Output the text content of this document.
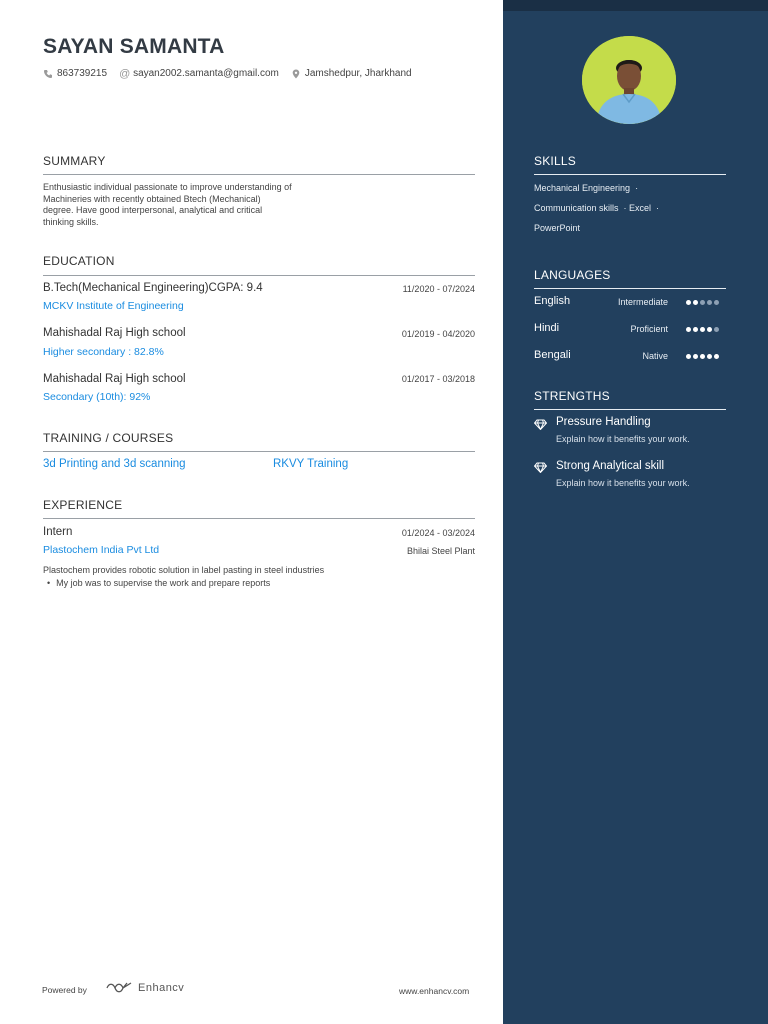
SAYAN SAMANTA
863739215 @ sayan2002.samanta@gmail.com	Jamshedpur, Jharkhand
SUMMARY
Enthusiastic individual passionate to improve understanding of Machineries with recently obtained Btech (Mechanical) degree. Have good interpersonal, analytical and critical thinking skills.
EDUCATION
B.Tech(Mechanical Engineering)CGPA: 9.4	11/2020 - 07/2024
MCKV Institute of Engineering
Mahishadal Raj High school	01/2019 - 04/2020
Higher secondary : 82.8%
Mahishadal Raj High school	01/2017 - 03/2018
Secondary (10th): 92%
TRAINING / COURSES
3d Printing and 3d scanning	RKVY Training
EXPERIENCE
Intern	01/2024 - 03/2024
Plastochem India Pvt Ltd	Bhilai Steel Plant
Plastochem provides robotic solution in label pasting in steel industries
• My job was to supervise the work and prepare reports
Powered by	Enhancv	www.enhancv.com
SKILLS
Mechanical Engineering  ·
Communication skills  · Excel  ·
PowerPoint
LANGUAGES
English	Intermediate
Hindi	Proficient
Bengali	Native
STRENGTHS
Pressure Handling
Explain how it benefits your work.
Strong Analytical skill
Explain how it benefits your work.
